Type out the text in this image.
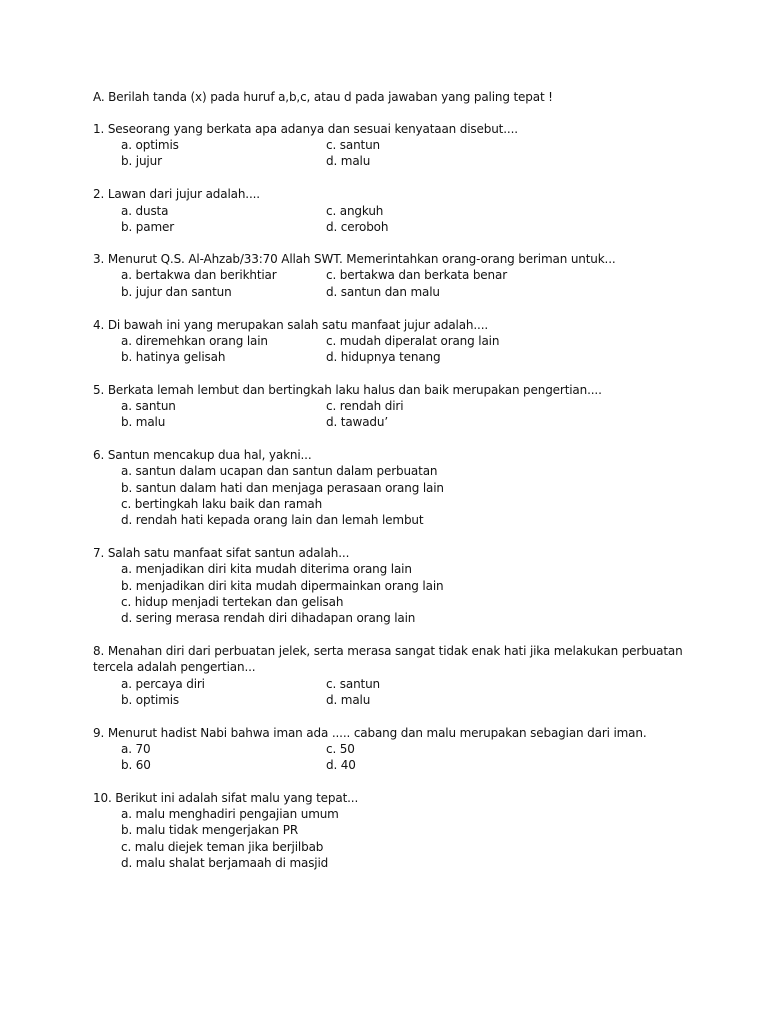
A. Berilah tanda (x) pada huruf a,b,c, atau d pada jawaban yang paling tepat !
1. Seseorang yang berkata apa adanya dan sesuai kenyataan disebut....
a. optimis	c. santun
b. jujur	d. malu
2. Lawan dari jujur adalah....
a. dusta	c. angkuh
b. pamer	d. ceroboh
3. Menurut Q.S. Al-Ahzab/33:70 Allah SWT. Memerintahkan orang-orang beriman untuk...
a. bertakwa dan berikhtiar	c. bertakwa dan berkata benar
b. jujur dan santun	d. santun dan malu
4. Di bawah ini yang merupakan salah satu manfaat jujur adalah....
a. diremehkan orang lain	c. mudah diperalat orang lain
b. hatinya gelisah	d. hidupnya tenang
5. Berkata lemah lembut dan bertingkah laku halus dan baik merupakan pengertian....
a. santun	c. rendah diri
b. malu	d. tawadu’
6. Santun mencakup dua hal, yakni...
a. santun dalam ucapan dan santun dalam perbuatan
b. santun dalam hati dan menjaga perasaan orang lain
c. bertingkah laku baik dan ramah
d. rendah hati kepada orang lain dan lemah lembut
7. Salah satu manfaat sifat santun adalah...
a. menjadikan diri kita mudah diterima orang lain
b. menjadikan diri kita mudah dipermainkan orang lain
c. hidup menjadi tertekan dan gelisah
d. sering merasa rendah diri dihadapan orang lain
8. Menahan diri dari perbuatan jelek, serta merasa sangat tidak enak hati jika melakukan perbuatan
tercela adalah pengertian...
a. percaya diri	c. santun
b. optimis	d. malu
9. Menurut hadist Nabi bahwa iman ada ..... cabang dan malu merupakan sebagian dari iman.
a. 70	c. 50
b. 60	d. 40
10. Berikut ini adalah sifat malu yang tepat...
a. malu menghadiri pengajian umum
b. malu tidak mengerjakan PR
c. malu diejek teman jika berjilbab
d. malu shalat berjamaah di masjid
